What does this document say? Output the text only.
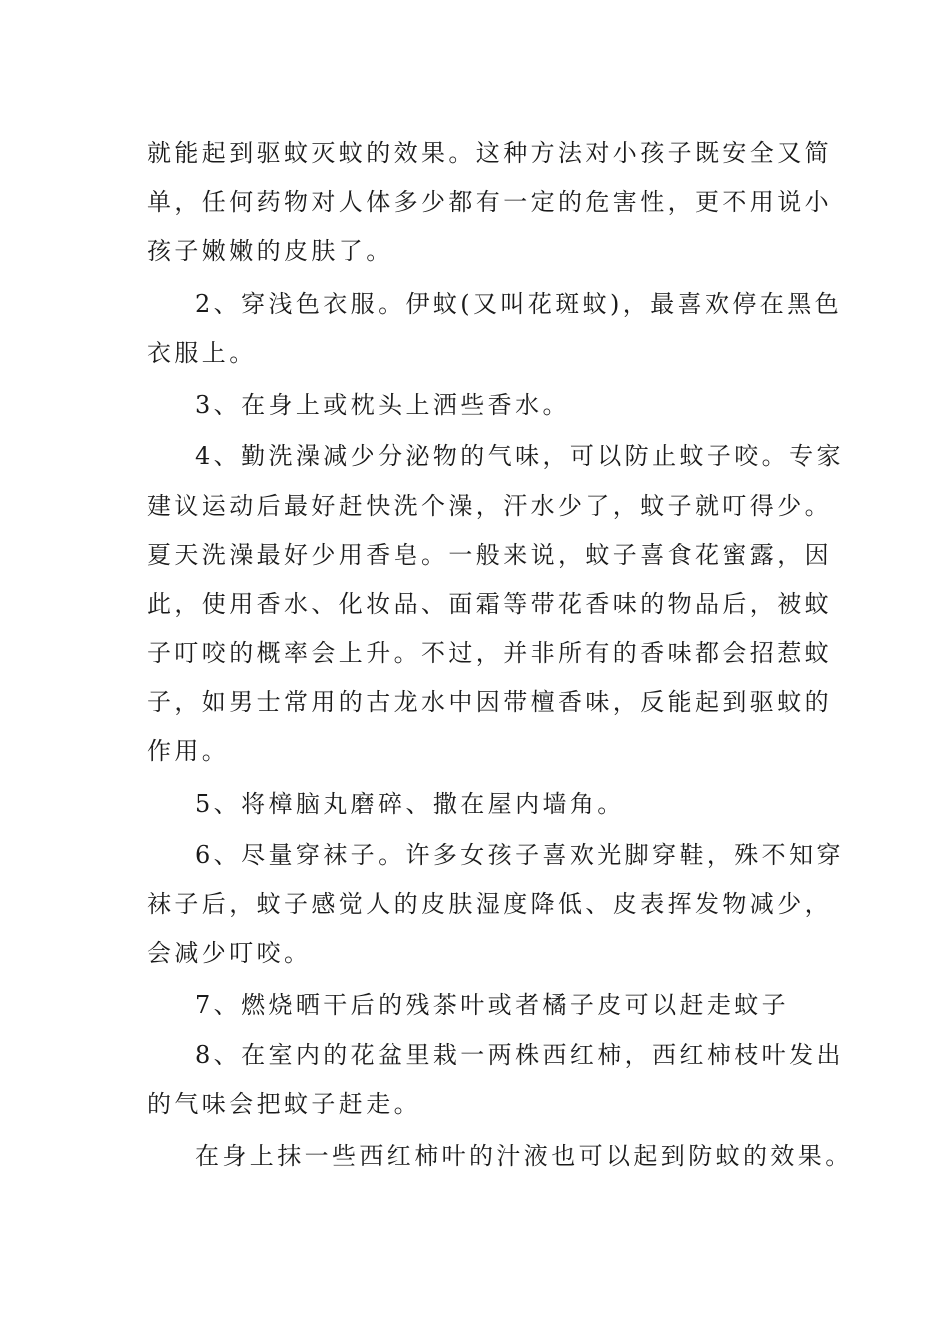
就能起到驱蚊灭蚊的效果。这种方法对小孩子既安全又简
单，任何药物对人体多少都有一定的危害性，更不用说小
孩子嫩嫩的皮肤了。
2、穿浅色衣服。伊蚊(又叫花斑蚊)，最喜欢停在黑色
衣服上。
3、在身上或枕头上洒些香水。
4、勤洗澡减少分泌物的气味，可以防止蚊子咬。专家
建议运动后最好赶快洗个澡，汗水少了，蚊子就叮得少。
夏天洗澡最好少用香皂。一般来说，蚊子喜食花蜜露，因
此，使用香水、化妆品、面霜等带花香味的物品后，被蚊
子叮咬的概率会上升。不过，并非所有的香味都会招惹蚊
子，如男士常用的古龙水中因带檀香味，反能起到驱蚊的
作用。
5、将樟脑丸磨碎、撒在屋内墙角。
6、尽量穿袜子。许多女孩子喜欢光脚穿鞋，殊不知穿
袜子后，蚊子感觉人的皮肤湿度降低、皮表挥发物减少，
会减少叮咬。
7、燃烧晒干后的残茶叶或者橘子皮可以赶走蚊子
8、在室内的花盆里栽一两株西红柿，西红柿枝叶发出
的气味会把蚊子赶走。
在身上抹一些西红柿叶的汁液也可以起到防蚊的效果。
